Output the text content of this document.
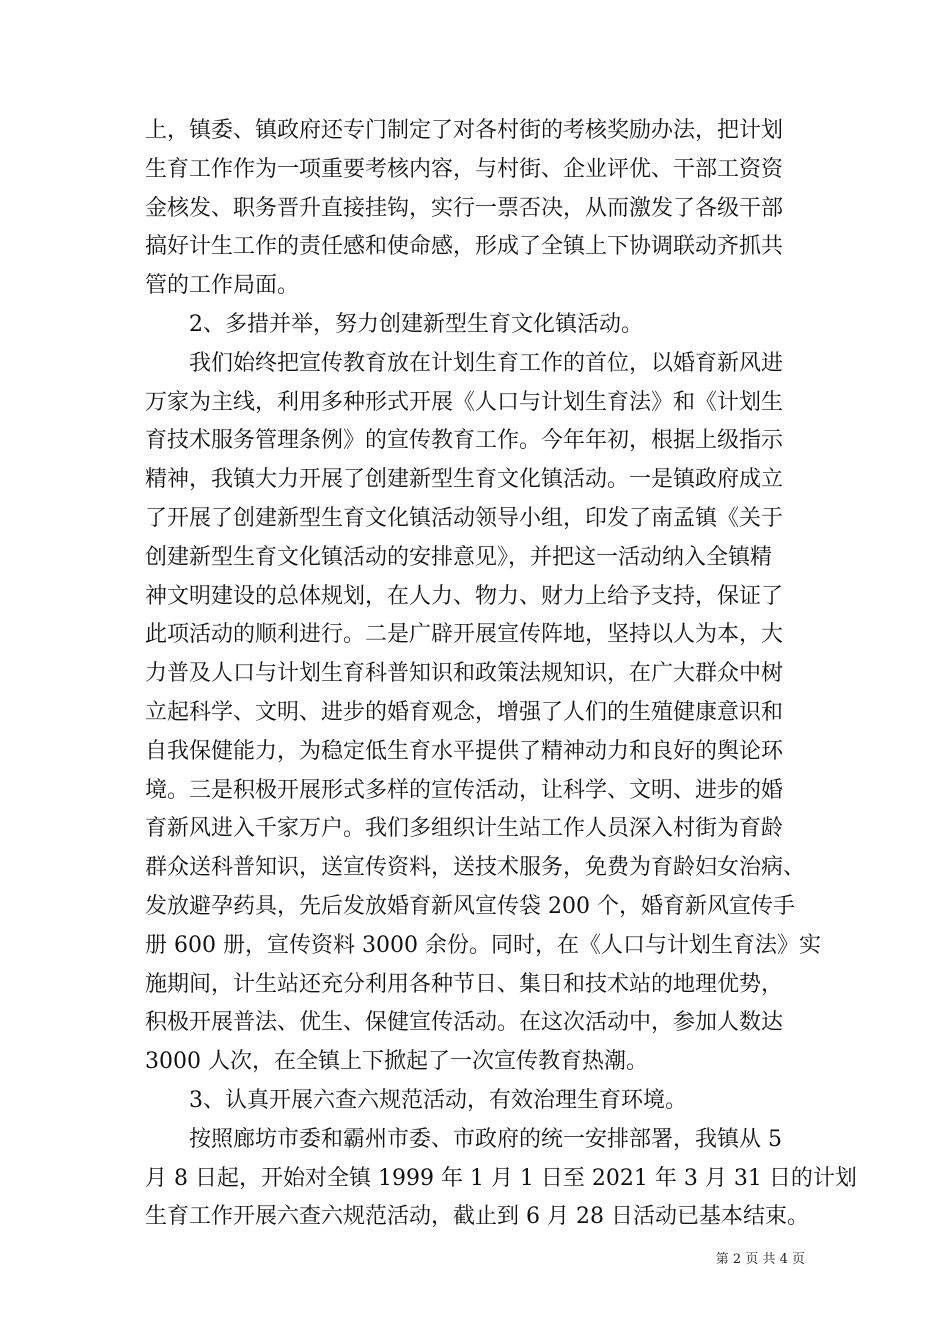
上，镇委、镇政府还专门制定了对各村街的考核奖励办法，把计划
生育工作作为一项重要考核内容，与村街、企业评优、干部工资资
金核发、职务晋升直接挂钩，实行一票否决，从而激发了各级干部
搞好计生工作的责任感和使命感，形成了全镇上下协调联动齐抓共
管的工作局面。
　　2、多措并举，努力创建新型生育文化镇活动。
　　我们始终把宣传教育放在计划生育工作的首位，以婚育新风进
万家为主线，利用多种形式开展《人口与计划生育法》和《计划生
育技术服务管理条例》的宣传教育工作。今年年初，根据上级指示
精神，我镇大力开展了创建新型生育文化镇活动。一是镇政府成立
了开展了创建新型生育文化镇活动领导小组，印发了南孟镇《关于
创建新型生育文化镇活动的安排意见》，并把这一活动纳入全镇精
神文明建设的总体规划，在人力、物力、财力上给予支持，保证了
此项活动的顺利进行。二是广辟开展宣传阵地，坚持以人为本，大
力普及人口与计划生育科普知识和政策法规知识，在广大群众中树
立起科学、文明、进步的婚育观念，增强了人们的生殖健康意识和
自我保健能力，为稳定低生育水平提供了精神动力和良好的舆论环
境。三是积极开展形式多样的宣传活动，让科学、文明、进步的婚
育新风进入千家万户。我们多组织计生站工作人员深入村街为育龄
群众送科普知识，送宣传资料，送技术服务，免费为育龄妇女治病、
发放避孕药具，先后发放婚育新风宣传袋 200 个，婚育新风宣传手
册 600 册，宣传资料 3000 余份。同时，在《人口与计划生育法》实
施期间，计生站还充分利用各种节日、集日和技术站的地理优势，
积极开展普法、优生、保健宣传活动。在这次活动中，参加人数达
3000 人次，在全镇上下掀起了一次宣传教育热潮。
　　3、认真开展六查六规范活动，有效治理生育环境。
　　按照廊坊市委和霸州市委、市政府的统一安排部署，我镇从 5
月 8 日起，开始对全镇 1999 年 1 月 1 日至 2021 年 3 月 31 日的计划
生育工作开展六查六规范活动，截止到 6 月 28 日活动已基本结束。
第 2 页 共 4 页
